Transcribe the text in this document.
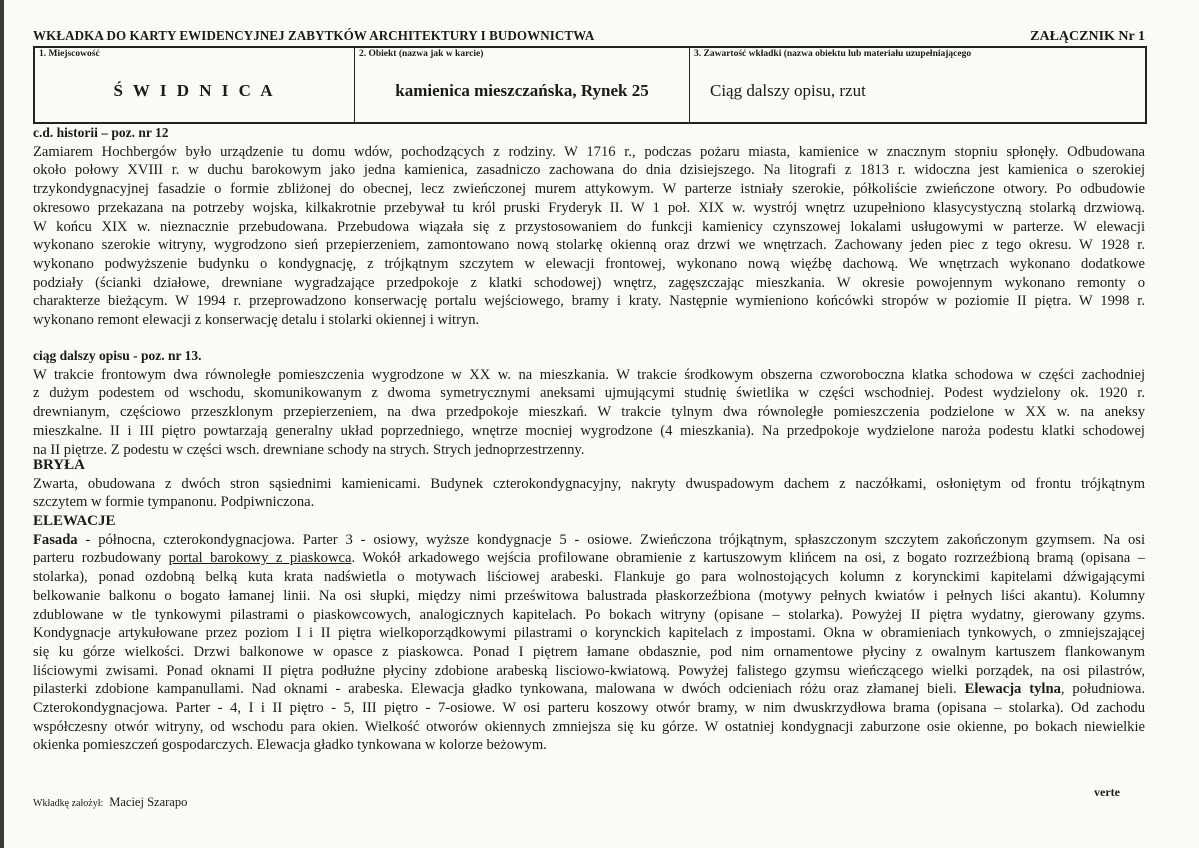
WKŁADKA DO KARTY EWIDENCYJNEJ ZABYTKÓW ARCHITEKTURY I BUDOWNICTWA	ZAŁĄCZNIK Nr 1
1. Miejscowość
Ś W I D N I C A
2. Obiekt (nazwa jak w karcie)
kamienica mieszczańska, Rynek 25
3. Zawartość wkładki (nazwa obiektu lub materiału uzupełniającego
Ciąg dalszy opisu, rzut
c.d. historii – poz. nr 12
Zamiarem Hochbergów było urządzenie tu domu wdów, pochodzących z rodziny. W 1716 r., podczas pożaru miasta, kamienice w znacznym stopniu spłonęły. Odbudowana
około połowy XVIII r. w duchu barokowym jako jedna kamienica, zasadniczo zachowana do dnia dzisiejszego. Na litografi z 1813 r. widoczna jest kamienica o szerokiej
trzykondygnacyjnej fasadzie o formie zbliżonej do obecnej, lecz zwieńczonej murem attykowym. W parterze istniały szerokie, półkoliście zwieńczone otwory. Po odbudowie
okresowo przekazana na potrzeby wojska, kilkakrotnie przebywał tu król pruski Fryderyk II. W 1 poł. XIX w. wystrój wnętrz uzupełniono klasycystyczną stolarką drzwiową.
W końcu XIX w. nieznacznie przebudowana. Przebudowa wiązała się z przystosowaniem do funkcji kamienicy czynszowej lokalami usługowymi w parterze. W elewacji
wykonano szerokie witryny, wygrodzono sień przepierzeniem, zamontowano nową stolarkę okienną oraz drzwi we wnętrzach. Zachowany jeden piec z tego okresu. W 1928 r.
wykonano podwyższenie budynku o kondygnację, z trójkątnym szczytem w elewacji frontowej, wykonano nową więźbę dachową. We wnętrzach wykonano dodatkowe
podziały (ścianki działowe, drewniane wygradzające przedpokoje z klatki schodowej) wnętrz, zagęszczając mieszkania. W okresie powojennym wykonano remonty o
charakterze bieżącym. W 1994 r. przeprowadzono konserwację portalu wejściowego, bramy i kraty. Następnie wymieniono końcówki stropów w poziomie II piętra. W 1998 r.
wykonano remont elewacji z konserwację detalu i stolarki okiennej i witryn.
ciąg dalszy opisu - poz. nr 13.
W trakcie frontowym dwa równoległe pomieszczenia wygrodzone w XX w. na mieszkania. W trakcie środkowym obszerna czworoboczna klatka schodowa w części zachodniej
z dużym podestem od wschodu, skomunikowanym z dwoma symetrycznymi aneksami ujmującymi studnię świetlika w części wschodniej. Podest wydzielony ok. 1920 r.
drewnianym, częściowo przeszklonym przepierzeniem, na dwa przedpokoje mieszkań. W trakcie tylnym dwa równoległe pomieszczenia podzielone w XX w. na aneksy
mieszkalne. II i III piętro powtarzają generalny układ poprzedniego, wnętrze mocniej wygrodzone (4 mieszkania). Na przedpokoje wydzielone naroża podestu klatki schodowej
na II piętrze. Z podestu w części wsch. drewniane schody na strych. Strych jednoprzestrzenny.
BRYŁA
Zwarta, obudowana z dwóch stron sąsiednimi kamienicami. Budynek czterokondygnacyjny, nakryty dwuspadowym dachem z naczółkami, osłoniętym od frontu trójkątnym
szczytem w formie tympanonu. Podpiwniczona.
ELEWACJE
Fasada - północna, czterokondygnacjowa. Parter 3 - osiowy, wyższe kondygnacje 5 - osiowe. Zwieńczona trójkątnym, spłaszczonym szczytem zakończonym gzymsem. Na osi
parteru rozbudowany portal barokowy z piaskowca. Wokół arkadowego wejścia profilowane obramienie z kartuszowym klińcem na osi, z bogato rozrzeźbioną bramą (opisana –
stolarka), ponad ozdobną belką kuta krata nadświetla o motywach liściowej arabeski. Flankuje go para wolnostojących kolumn z korynckimi kapitelami dźwigającymi
belkowanie balkonu o bogato łamanej linii. Na osi słupki, między nimi prześwitowa balustrada płaskorzeźbiona (motywy pełnych kwiatów i pełnych liści akantu). Kolumny
zdublowane w tle tynkowymi pilastrami o piaskowcowych, analogicznych kapitelach. Po bokach witryny (opisane – stolarka). Powyżej II piętra wydatny, gierowany gzyms.
Kondygnacje artykułowane przez poziom I i II piętra wielkoporządkowymi pilastrami o korynckich kapitelach z impostami. Okna w obramieniach tynkowych, o zmniejszającej
się ku górze wielkości. Drzwi balkonowe w opasce z piaskowca. Ponad I piętrem łamane obdasznie, pod nim ornamentowe płyciny z owalnym kartuszem flankowanym
liściowymi zwisami. Ponad oknami II piętra podłużne płyciny zdobione arabeską lisciowo-kwiatową. Powyżej falistego gzymsu wieńczącego wielki porządek, na osi pilastrów,
pilasterki zdobione kampanullami. Nad oknami - arabeska. Elewacja gładko tynkowana, malowana w dwóch odcieniach różu oraz złamanej bieli. Elewacja tylna, południowa.
Czterokondygnacjowa. Parter - 4, I i II piętro - 5, III piętro - 7-osiowe. W osi parteru koszowy otwór bramy, w nim dwuskrzydłowa brama (opisana – stolarka). Od zachodu
współczesny otwór witryny, od wschodu para okien. Wielkość otworów okiennych zmniejsza się ku górze. W ostatniej kondygnacji zaburzone osie okienne, po bokach niewielkie
okienka pomieszczeń gospodarczych. Elewacja gładko tynkowana w kolorze beżowym.
Wkładkę założył: Maciej Szarapo
verte
